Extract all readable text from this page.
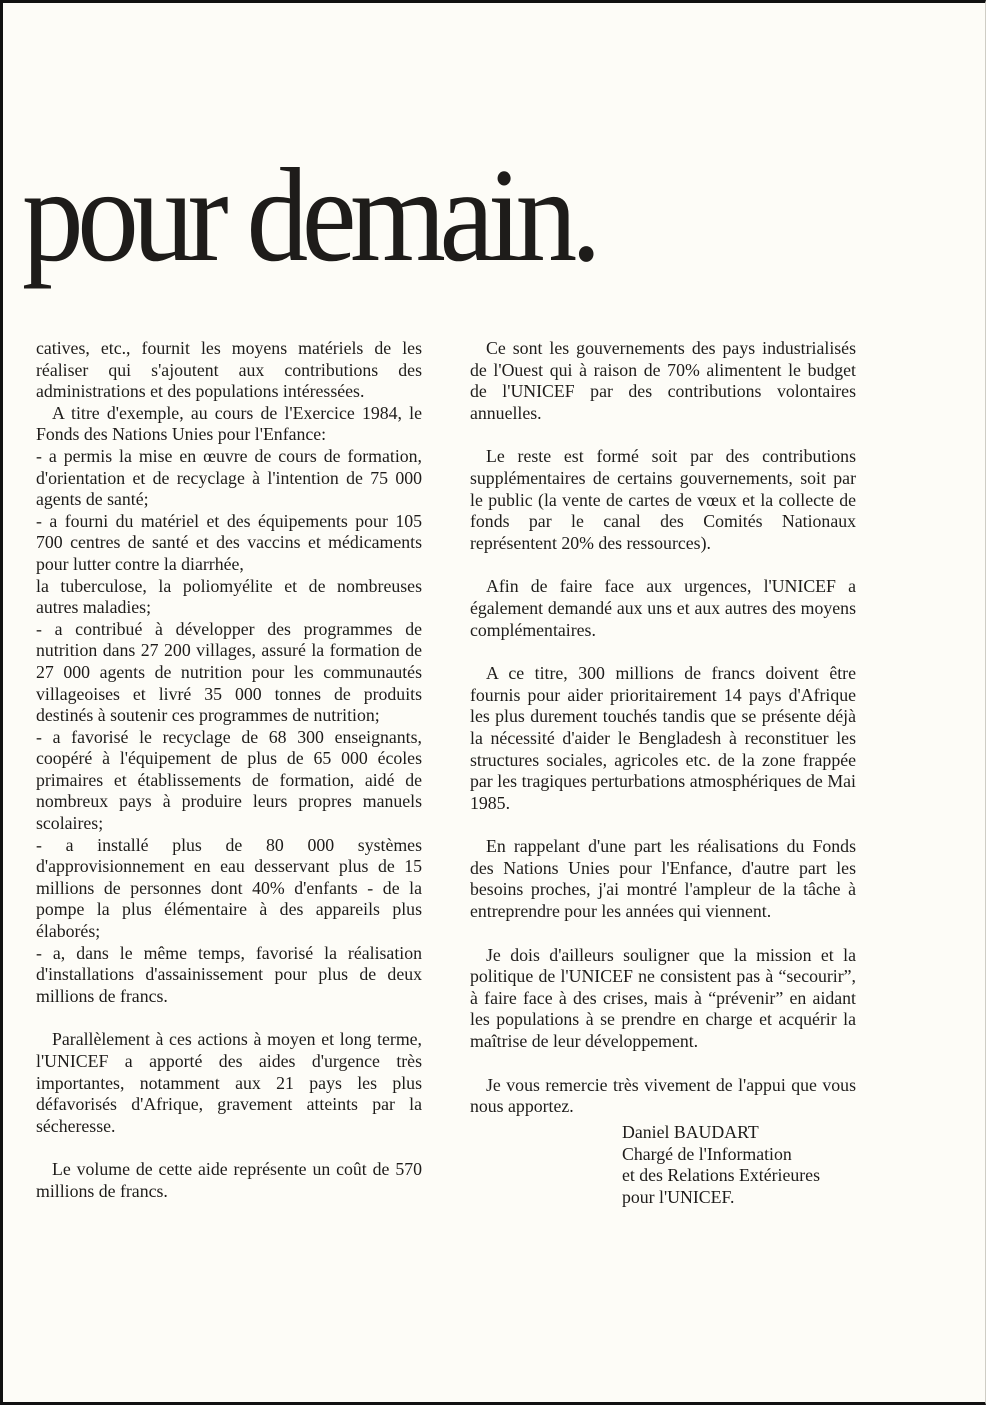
pour demain.

catives, etc., fournit les moyens matériels de les réaliser qui s'ajoutent aux contributions des administrations et des populations intéressées.

A titre d'exemple, au cours de l'Exercice 1984, le Fonds des Nations Unies pour l'Enfance:

- a permis la mise en œuvre de cours de formation, d'orientation et de recyclage à l'intention de 75 000 agents de santé;

- a fourni du matériel et des équipements pour 105 700 centres de santé et des vaccins et médicaments pour lutter contre la diarrhée,

la tuberculose, la poliomyélite et de nombreuses autres maladies;

- a contribué à développer des programmes de nutrition dans 27 200 villages, assuré la formation de 27 000 agents de nutrition pour les communautés villageoises et livré 35 000 tonnes de produits destinés à soutenir ces programmes de nutrition;

- a favorisé le recyclage de 68 300 enseignants, coopéré à l'équipement de plus de 65 000 écoles primaires et établissements de formation, aidé de nombreux pays à produire leurs propres manuels scolaires;

- a installé plus de 80 000 systèmes d'approvisionnement en eau desservant plus de 15 millions de personnes dont 40% d'enfants - de la pompe la plus élémentaire à des appareils plus élaborés;

- a, dans le même temps, favorisé la réalisation d'installations d'assainissement pour plus de deux millions de francs.

Parallèlement à ces actions à moyen et long terme, l'UNICEF a apporté des aides d'urgence très importantes, notamment aux 21 pays les plus défavorisés d'Afrique, gravement atteints par la sécheresse.

Le volume de cette aide représente un coût de 570 millions de francs.

Ce sont les gouvernements des pays industrialisés de l'Ouest qui à raison de 70% alimentent le budget de l'UNICEF par des contributions volontaires annuelles.

Le reste est formé soit par des contributions supplémentaires de certains gouvernements, soit par le public (la vente de cartes de vœux et la collecte de fonds par le canal des Comités Nationaux représentent 20% des ressources).

Afin de faire face aux urgences, l'UNICEF a également demandé aux uns et aux autres des moyens complémentaires.

A ce titre, 300 millions de francs doivent être fournis pour aider prioritairement 14 pays d'Afrique les plus durement touchés tandis que se présente déjà la nécessité d'aider le Bengladesh à reconstituer les structures sociales, agricoles etc. de la zone frappée par les tragiques perturbations atmosphériques de Mai 1985.

En rappelant d'une part les réalisations du Fonds des Nations Unies pour l'Enfance, d'autre part les besoins proches, j'ai montré l'ampleur de la tâche à entreprendre pour les années qui viennent.

Je dois d'ailleurs souligner que la mission et la politique de l'UNICEF ne consistent pas à “secourir”, à faire face à des crises, mais à “prévenir” en aidant les populations à se prendre en charge et acquérir la maîtrise de leur développement.

Je vous remercie très vivement de l'appui que vous nous apportez.

Daniel BAUDART
Chargé de l'Information
et des Relations Extérieures
pour l'UNICEF.
